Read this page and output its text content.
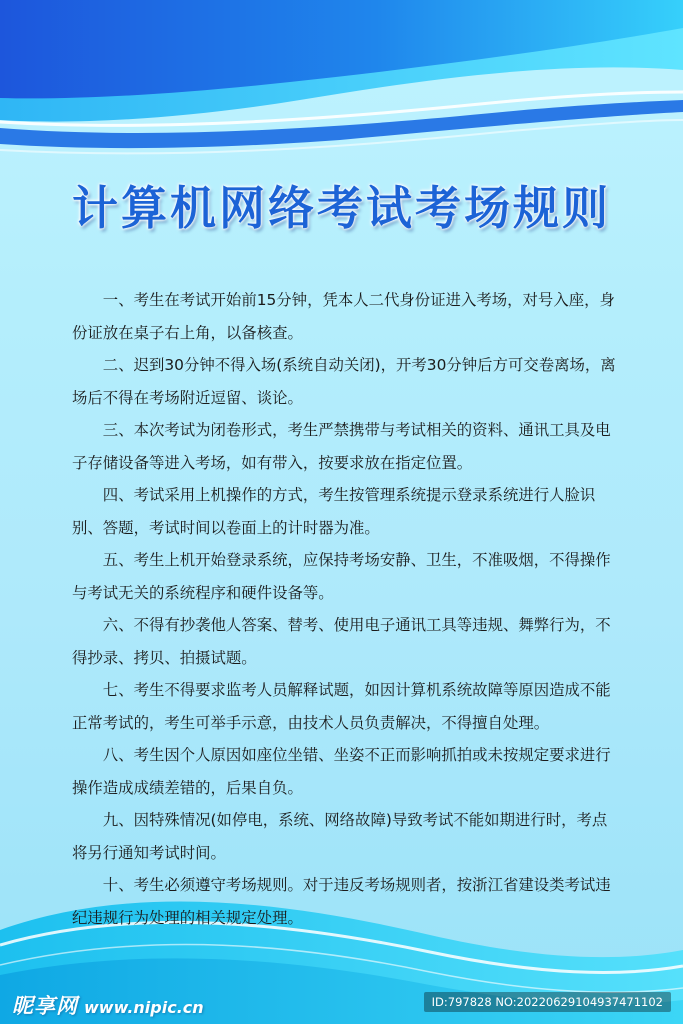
计算机网络考试考场规则

一、考生在考试开始前15分钟，凭本人二代身份证进入考场，对号入座，身份证放在桌子右上角，以备核查。

二、迟到30分钟不得入场(系统自动关闭)，开考30分钟后方可交卷离场，离场后不得在考场附近逗留、谈论。

三、本次考试为闭卷形式，考生严禁携带与考试相关的资料、通讯工具及电子存储设备等进入考场，如有带入，按要求放在指定位置。

四、考试采用上机操作的方式，考生按管理系统提示登录系统进行人脸识别、答题，考试时间以卷面上的计时器为准。

五、考生上机开始登录系统，应保持考场安静、卫生，不准吸烟，不得操作与考试无关的系统程序和硬件设备等。

六、不得有抄袭他人答案、替考、使用电子通讯工具等违规、舞弊行为，不得抄录、拷贝、拍摄试题。

七、考生不得要求监考人员解释试题，如因计算机系统故障等原因造成不能正常考试的，考生可举手示意，由技术人员负责解决，不得擅自处理。

八、考生因个人原因如座位坐错、坐姿不正而影响抓拍或未按规定要求进行操作造成成绩差错的，后果自负。

九、因特殊情况(如停电，系统、网络故障)导致考试不能如期进行时，考点将另行通知考试时间。

十、考生必须遵守考场规则。对于违反考场规则者，按浙江省建设类考试违纪违规行为处理的相关规定处理。

昵享网 www.nipic.cn	ID:797828 NO:20220629104937471102
